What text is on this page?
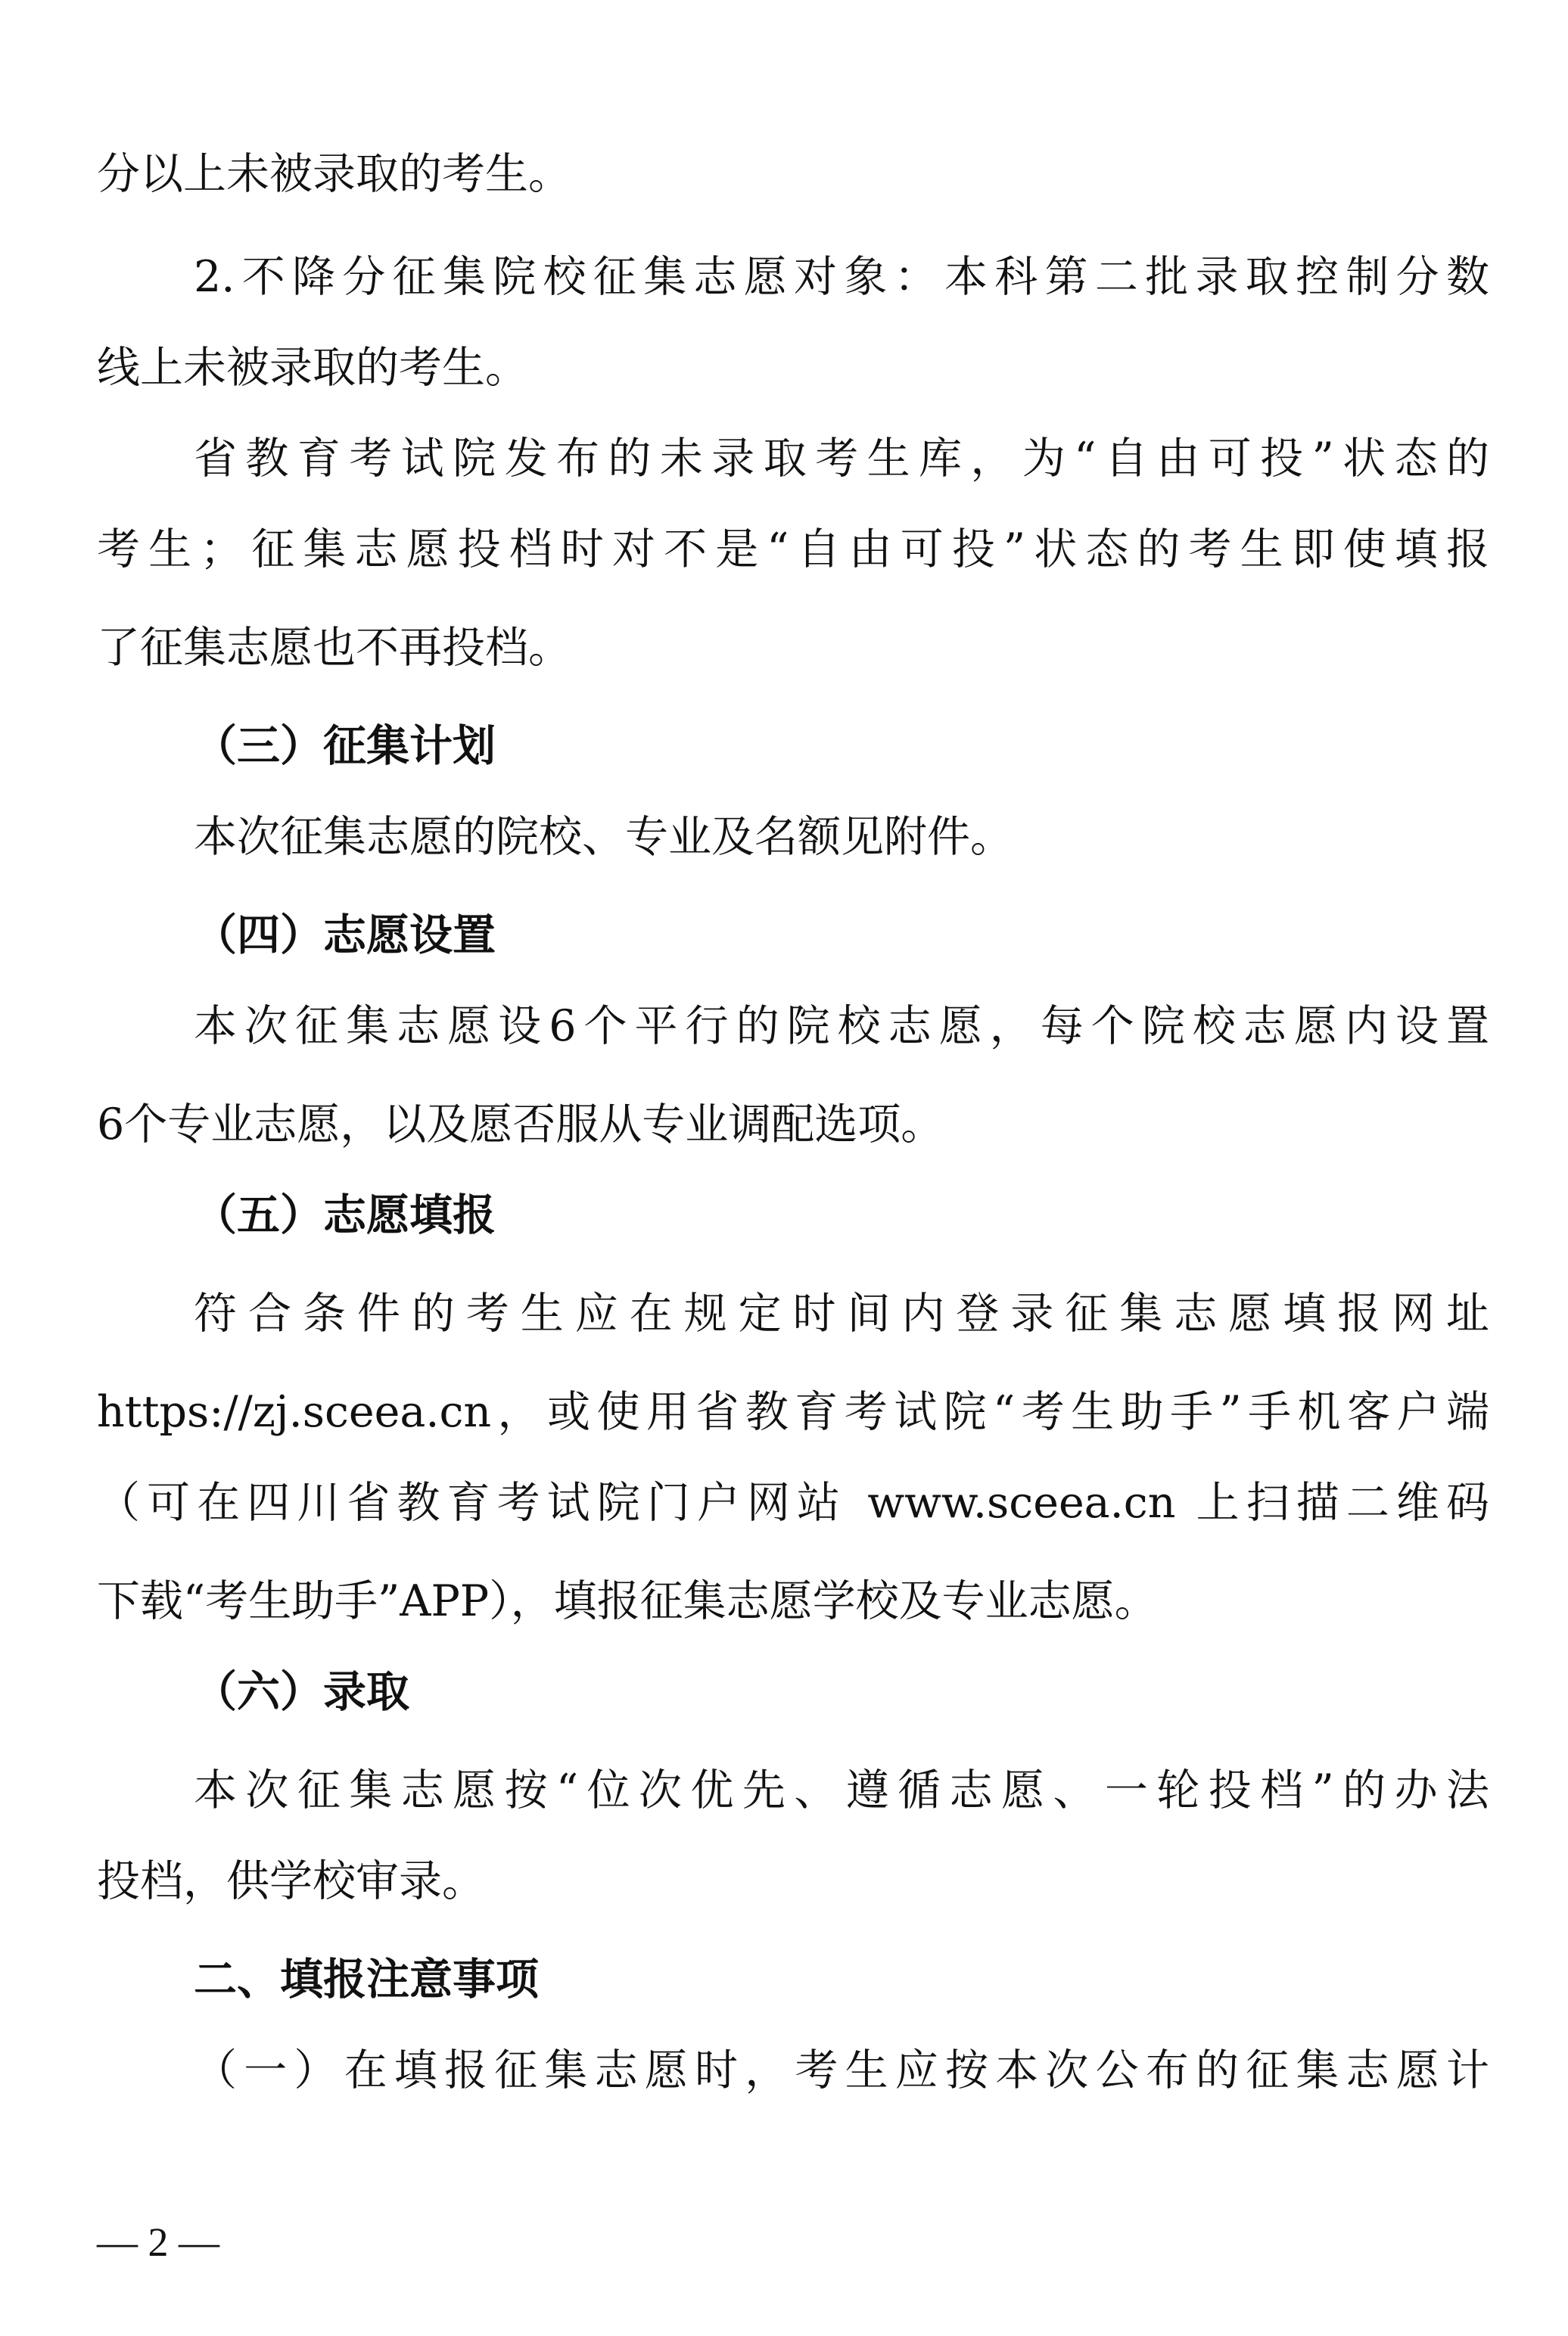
分以上未被录取的考生。
2.不降分征集院校征集志愿对象：本科第二批录取控制分数
线上未被录取的考生。
省教育考试院发布的未录取考生库，为“自由可投”状态的
考生；征集志愿投档时对不是“自由可投”状态的考生即使填报
了征集志愿也不再投档。
（三）征集计划
本次征集志愿的院校、专业及名额见附件。
（四）志愿设置
本次征集志愿设6个平行的院校志愿，每个院校志愿内设置
6个专业志愿，以及愿否服从专业调配选项。
（五）志愿填报
符合条件的考生应在规定时间内登录征集志愿填报网址
https://zj.sceea.cn，或使用省教育考试院“考生助手”手机客户端
（可在四川省教育考试院门户网站 www.sceea.cn 上扫描二维码
下载“考生助手”APP），填报征集志愿学校及专业志愿。
（六）录取
本次征集志愿按“位次优先、遵循志愿、一轮投档”的办法
投档，供学校审录。
二、填报注意事项
（一）在填报征集志愿时，考生应按本次公布的征集志愿计
— 2 —
